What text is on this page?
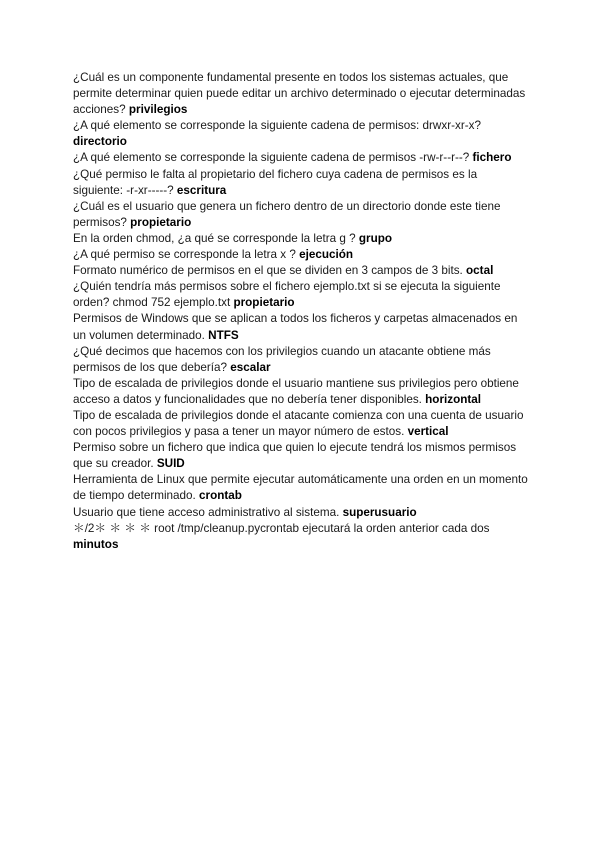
¿Cuál es un componente fundamental presente en todos los sistemas actuales, que permite determinar quien puede editar un archivo determinado o ejecutar determinadas acciones? privilegios

¿A qué elemento se corresponde la siguiente cadena de permisos: drwxr-xr-x? directorio

¿A qué elemento se corresponde la siguiente cadena de permisos -rw-r--r--? fichero

¿Qué permiso le falta al propietario del fichero cuya cadena de permisos es la siguiente: -r-xr-----? escritura

¿Cuál es el usuario que genera un fichero dentro de un directorio donde este tiene permisos? propietario

En la orden chmod, ¿a qué se corresponde la letra g ? grupo

¿A qué permiso se corresponde la letra x ? ejecución

Formato numérico de permisos en el que se dividen en 3 campos de 3 bits. octal

¿Quién tendría más permisos sobre el fichero ejemplo.txt si se ejecuta la siguiente orden? chmod 752 ejemplo.txt propietario

Permisos de Windows que se aplican a todos los ficheros y carpetas almacenados en un volumen determinado. NTFS

¿Qué decimos que hacemos con los privilegios cuando un atacante obtiene más permisos de los que debería? escalar

Tipo de escalada de privilegios donde el usuario mantiene sus privilegios pero obtiene acceso a datos y funcionalidades que no debería tener disponibles. horizontal

Tipo de escalada de privilegios donde el atacante comienza con una cuenta de usuario con pocos privilegios y pasa a tener un mayor número de estos. vertical

Permiso sobre un fichero que indica que quien lo ejecute tendrá los mismos permisos que su creador. SUID

Herramienta de Linux que permite ejecutar automáticamente una orden en un momento de tiempo determinado. crontab

Usuario que tiene acceso administrativo al sistema. superusuario

＊/2＊ ＊ ＊ ＊ root /tmp/cleanup.pycrontab ejecutará la orden anterior cada dos minutos
